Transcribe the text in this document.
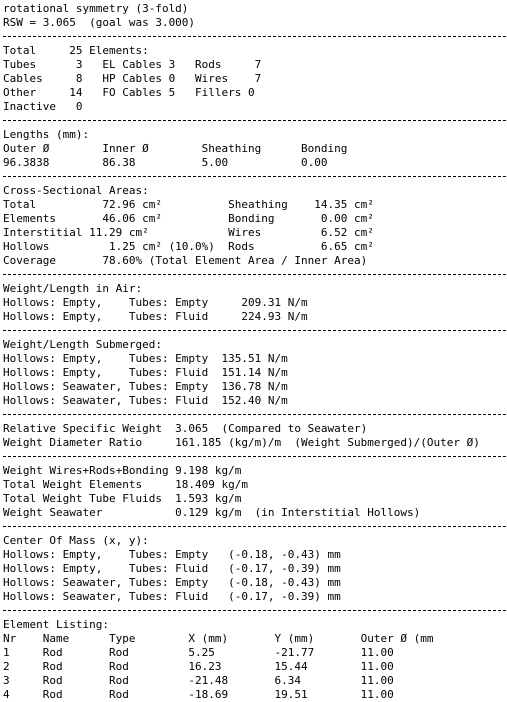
rotational symmetry (3-fold)
RSW = 3.065  (goal was 3.000)
Total     25 Elements:
Tubes      3   EL Cables 3   Rods     7
Cables     8   HP Cables 0   Wires    7
Other     14   FO Cables 5   Fillers 0
Inactive   0
Lengths (mm):
Outer Ø        Inner Ø        Sheathing      Bonding
96.3838        86.38          5.00           0.00
Cross-Sectional Areas:
Total          72.96 cm²          Sheathing    14.35 cm²
Elements       46.06 cm²          Bonding       0.00 cm²
Interstitial 11.29 cm²            Wires         6.52 cm²
Hollows         1.25 cm² (10.0%)  Rods          6.65 cm²
Coverage       78.60% (Total Element Area / Inner Area)
Weight/Length in Air:
Hollows: Empty,    Tubes: Empty     209.31 N/m
Hollows: Empty,    Tubes: Fluid     224.93 N/m
Weight/Length Submerged:
Hollows: Empty,    Tubes: Empty  135.51 N/m
Hollows: Empty,    Tubes: Fluid  151.14 N/m
Hollows: Seawater, Tubes: Empty  136.78 N/m
Hollows: Seawater, Tubes: Fluid  152.40 N/m
Relative Specific Weight  3.065  (Compared to Seawater)
Weight Diameter Ratio     161.185 (kg/m)/m  (Weight Submerged)/(Outer Ø)
Weight Wires+Rods+Bonding 9.198 kg/m
Total Weight Elements     18.409 kg/m
Total Weight Tube Fluids  1.593 kg/m
Weight Seawater           0.129 kg/m  (in Interstitial Hollows)
Center Of Mass (x, y):
Hollows: Empty,    Tubes: Empty   (-0.18, -0.43) mm
Hollows: Empty,    Tubes: Fluid   (-0.17, -0.39) mm
Hollows: Seawater, Tubes: Empty   (-0.18, -0.43) mm
Hollows: Seawater, Tubes: Fluid   (-0.17, -0.39) mm
Element Listing:
Nr    Name      Type        X (mm)       Y (mm)       Outer Ø (mm
1     Rod       Rod         5.25         -21.77       11.00
2     Rod       Rod         16.23        15.44        11.00
3     Rod       Rod         -21.48       6.34         11.00
4     Rod       Rod         -18.69       19.51        11.00
